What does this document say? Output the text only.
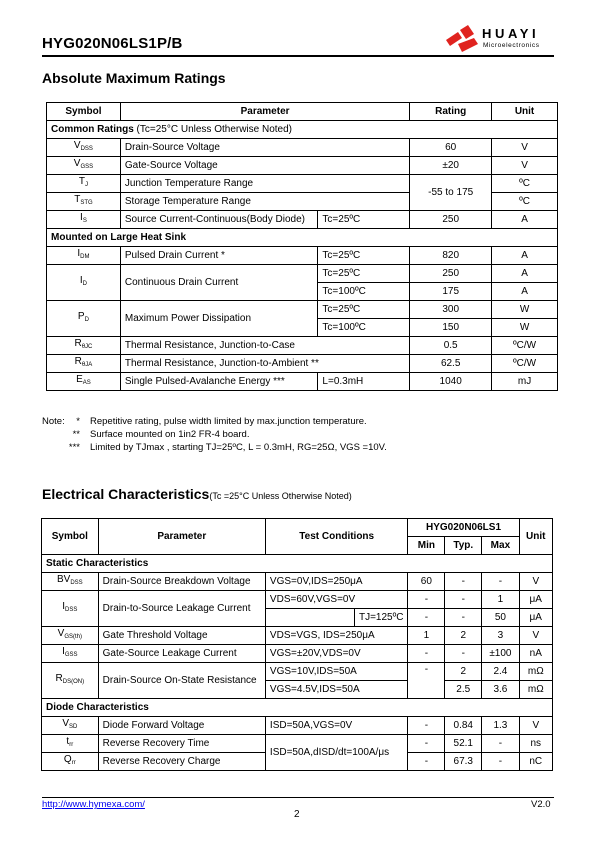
HYG020N06LS1P/B
HUAYI
Microelectronics
Absolute Maximum Ratings
Symbol	Parameter		Rating	Unit
Common Ratings (Tc=25°C Unless Otherwise Noted)				
$V_{DSS}$	Drain-Source Voltage		60	V
$V_{GSS}$	Gate-Source Voltage		±20	V
$T_J$	Junction Temperature Range		-55 to 175	ºC
$T_{STG}$	Storage Temperature Range			ºC
$I_S$	Source Current-Continuous(Body Diode)	Tc=25ºC	250	A
Mounted on Large Heat Sink				
$I_{DM}$	Pulsed Drain Current *	Tc=25ºC	820	A
$I_D$	Continuous Drain Current	Tc=25ºC	250	A
		Tc=100ºC	175	A
$P_D$	Maximum Power Dissipation	Tc=25ºC	300	W
		Tc=100ºC	150	W
$R_{\theta JC}$	Thermal Resistance, Junction-to-Case		0.5	ºC/W
$R_{\theta JA}$	Thermal Resistance, Junction-to-Ambient **		62.5	ºC/W
$E_{AS}$	Single Pulsed-Avalanche Energy ***	L=0.3mH	1040	mJ
Note:	* Repetitive rating, pulse width limited by max.junction temperature.
** Surface mounted on 1in2 FR-4 board.
*** Limited by TJmax , starting TJ=25ºC, L = 0.3mH, RG=25Ω, VGS =10V.
Electrical Characteristics(Tc =25°C Unless Otherwise Noted)
Symbol	Parameter	Test Conditions		HYG020N06LS1			Unit
				Min	Typ.	Max	
Static Characteristics							
$BV_{DSS}$	Drain-Source Breakdown Voltage	VGS=0V,IDS=250μA		60	-	-	V
$I_{DSS}$	Drain-to-Source Leakage Current	VDS=60V,VGS=0V		-	-	1	μA
			TJ=125ºC	-	-	50	μA
$V_{GS(th)}$	Gate Threshold Voltage	VDS=VGS, IDS=250μA		1	2	3	V
$I_{GSS}$	Gate-Source Leakage Current	VGS=±20V,VDS=0V		-	-	±100	nA
$R_{DS(ON)}$	Drain-Source On-State Resistance	VGS=10V,IDS=50A		-	2	2.4	mΩ
		VGS=4.5V,IDS=50A			2.5	3.6	mΩ
Diode Characteristics							
$V_{SD}$	Diode Forward Voltage	ISD=50A,VGS=0V		-	0.84	1.3	V
$t_{rr}$	Reverse Recovery Time	ISD=50A,dISD/dt=100A/μs		-	52.1	-	ns
$Q_{rr}$	Reverse Recovery Charge			-	67.3	-	nC
http://www.hymexa.com/	V2.0
2
